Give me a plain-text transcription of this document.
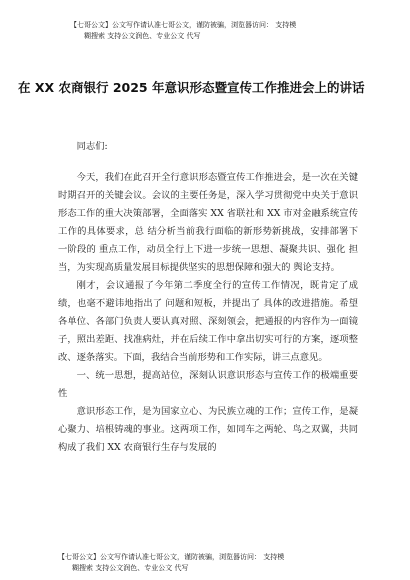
【七哥公文】公文写作请认准七哥公文，谨防被骗，浏览器访问： 支持模
糊搜索 支持公文润色、专业公文 代写
在 XX 农商银行 2025 年意识形态暨宣传工作推进会上的讲话

同志们:

今天，我们在此召开全行意识形态暨宣传工作推进会，是一次在关键时期召开的关键会议。会议的主要任务是，深入学习贯彻党中央关于意识形态工作的重大决策部署，全面落实 XX 省联社和 XX 市对金融系统宣传工作的具体要求，总 结分析当前我行面临的新形势新挑战，安排部署下一阶段的 重点工作，动员全行上下进一步统一思想、凝聚共识、强化 担当，为实现高质量发展目标提供坚实的思想保障和强大的 舆论支持。

刚才，会议通报了今年第二季度全行的宣传工作情况，既肯定了成绩，也毫不避讳地指出了 问题和短板，并提出了 具体的改进措施。希望各单位、各部门负责人要认真对照、深刻领会，把通报的内容作为一面镜子，照出差距、找准病灶，并在后续工作中拿出切实可行的方案，逐项整改、逐条落实。下面，我结合当前形势和工作实际，讲三点意见。

一、统一思想，提高站位，深刻认识意识形态与宣传工作的极端重要性

意识形态工作，是为国家立心、为民族立魂的工作；宣传工作，是凝心聚力、培根铸魂的事业。这两项工作，如同车之两轮、鸟之双翼，共同构成了我们 XX 农商银行生存与发展的

【七哥公文】公文写作请认准七哥公文，谨防被骗，浏览器访问： 支持模
糊搜索 支持公文润色、专业公文 代写
